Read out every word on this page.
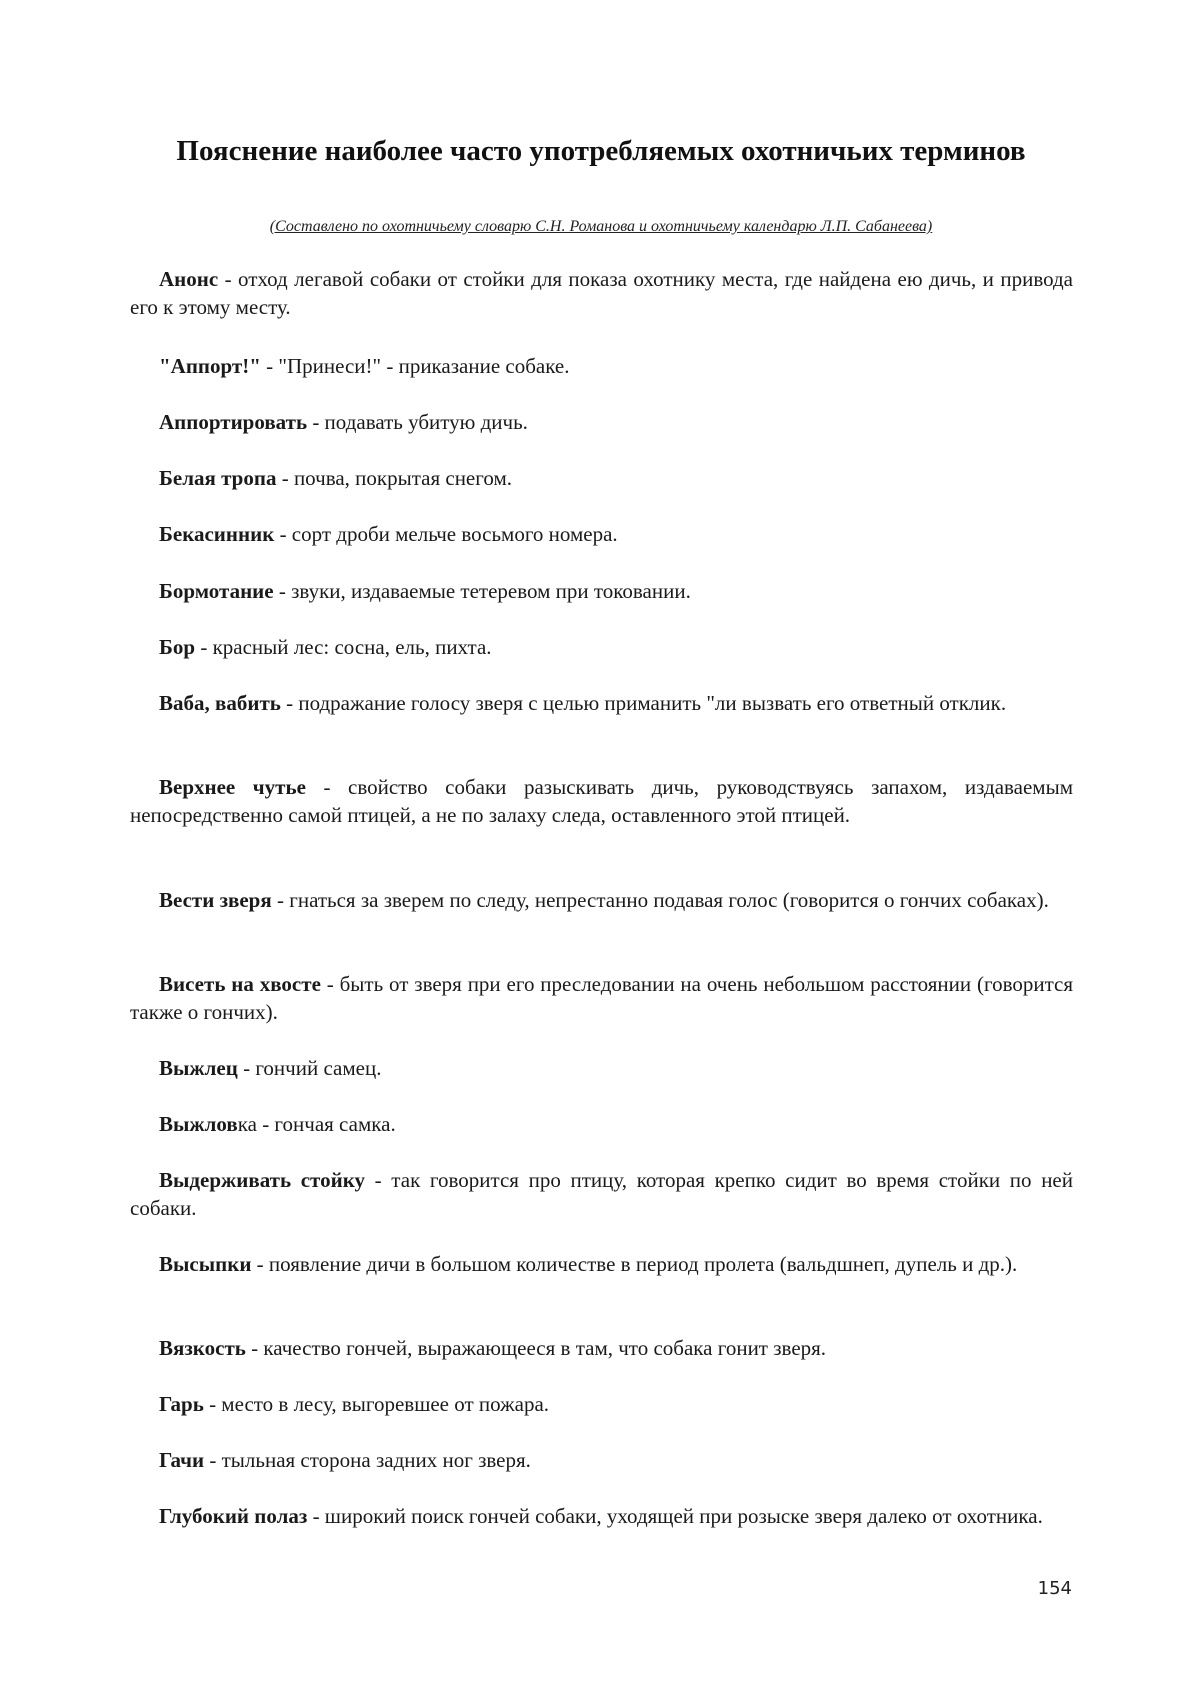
Пояснение наиболее часто употребляемых охотничьих терминов
(Составлено по охотничьему словарю С.Н. Романова и охотничьему календарю Л.П. Сабанеева)

Анонс - отход легавой собаки от стойки для показа охотнику места, где найдена ею дичь, и привода его к этому месту.

"Аппорт!" - "Принеси!" - приказание собаке.

Аппортировать - подавать убитую дичь.

Белая тропа - почва, покрытая снегом.

Бекасинник - сорт дроби мельче восьмого номера.

Бормотание - звуки, издаваемые тетеревом при токовании.

Бор - красный лес: сосна, ель, пихта.

Ваба, вабить - подражание голосу зверя с целью приманить "ли вызвать его ответный отклик.

Верхнее чутье - свойство собаки разыскивать дичь, руководствуясь запахом, издаваемым непосредственно самой птицей, а не по залаху следа, оставленного этой птицей.

Вести зверя - гнаться за зверем по следу, непрестанно подавая голос (говорится о гончих собаках).

Висеть на хвосте - быть от зверя при его преследовании на очень небольшом расстоянии (говорится также о гончих).

Выжлец - гончий самец.

Выжловка - гончая самка.

Выдерживать стойку - так говорится про птицу, которая крепко сидит во время стойки по ней собаки.

Высыпки - появление дичи в большом количестве в период пролета (вальдшнеп, дупель и др.).

Вязкость - качество гончей, выражающееся в там, что собака гонит зверя.

Гарь - место в лесу, выгоревшее от пожара.

Гачи - тыльная сторона задних ног зверя.

Глубокий полаз - широкий поиск гончей собаки, уходящей при розыске зверя далеко от охотника.

154
